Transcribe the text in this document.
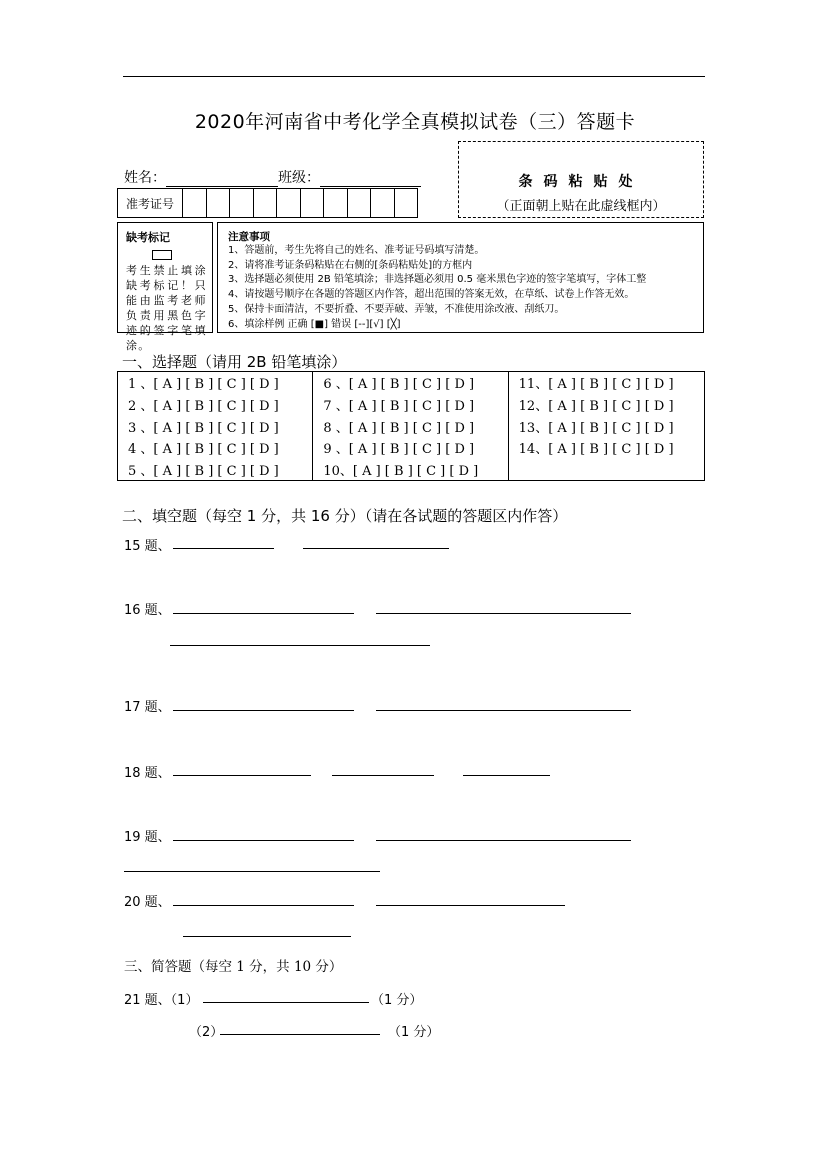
2020年河南省中考化学全真模拟试卷（三）答题卡
姓名：	班级：
准考证号
条码粘贴处
（正面朝上贴在此虚线框内）
缺考标记
考生禁止填涂缺考标记！只能由监考老师负责用黑色字迹的签字笔填涂。
注意事项
1、答题前，考生先将自己的姓名、准考证号码填写清楚。
2、请将准考证条码粘贴在右侧的[条码粘贴处]的方框内
3、选择题必须使用 2B 铅笔填涂；非选择题必须用 0.5 毫米黑色字迹的签字笔填写，字体工整
4、请按题号顺序在各题的答题区内作答，超出范围的答案无效，在草纸、试卷上作答无效。
5、保持卡面清洁，不要折叠、不要弄破、弄皱，不准使用涂改液、刮纸刀。
6、填涂样例 正确 [■] 错误 [--][√] [╳]
一、选择题（请用 2B 铅笔填涂）
1 、[ A ] [ B ] [ C ] [ D ]
2 、[ A ] [ B ] [ C ] [ D ]
3 、[ A ] [ B ] [ C ] [ D ]
4 、[ A ] [ B ] [ C ] [ D ]
5 、[ A ] [ B ] [ C ] [ D ]
6 、[ A ] [ B ] [ C ] [ D ]
7 、[ A ] [ B ] [ C ] [ D ]
8 、[ A ] [ B ] [ C ] [ D ]
9 、[ A ] [ B ] [ C ] [ D ]
10、[ A ] [ B ] [ C ] [ D ]
11、[ A ] [ B ] [ C ] [ D ]
12、[ A ] [ B ] [ C ] [ D ]
13、[ A ] [ B ] [ C ] [ D ]
14、[ A ] [ B ] [ C ] [ D ]
二、填空题（每空 1 分，共 16 分）（请在各试题的答题区内作答）
15 题、
16 题、
17 题、
18 题、
19 题、
20 题、
三、简答题（每空 1 分，共 10 分）
21 题、（1）	（1 分）
（2）	（1 分）
